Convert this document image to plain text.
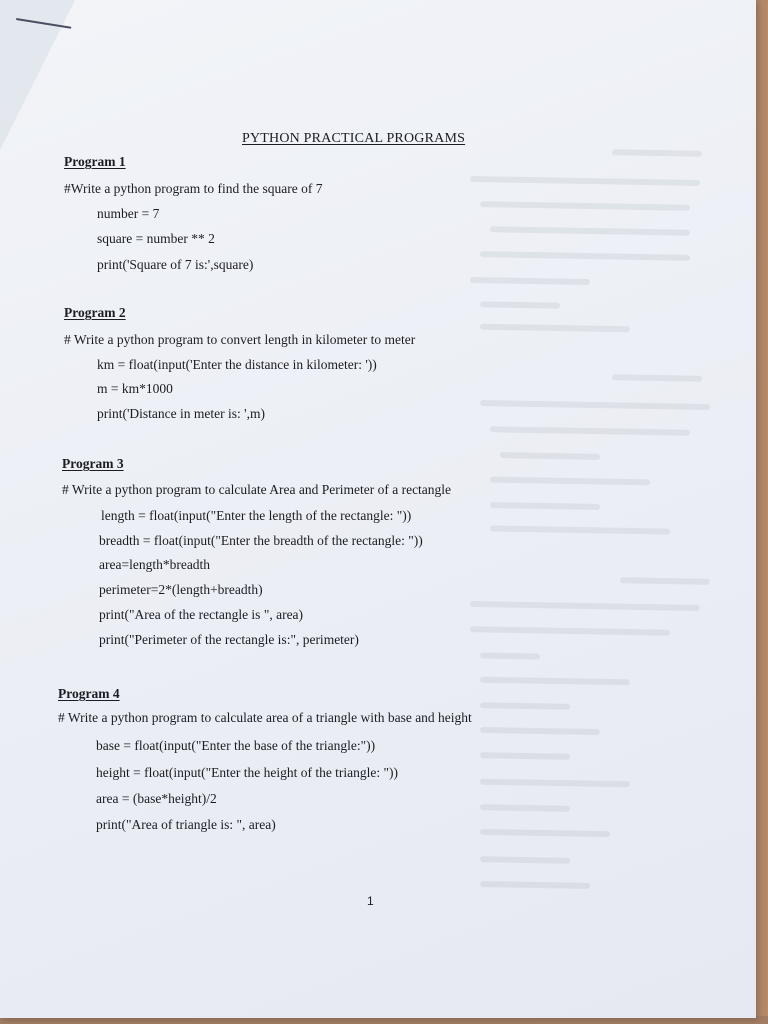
PYTHON PRACTICAL PROGRAMS
Program 1
#Write a python program to find the square of 7
number = 7
square = number ** 2
print('Square of 7 is:',square)
Program 2
# Write a python program to convert length in kilometer to meter
km = float(input('Enter the distance in kilometer: '))
m = km*1000
print('Distance in meter is: ',m)
Program 3
# Write a python program to calculate Area and Perimeter of a rectangle
length = float(input("Enter the length of the rectangle: "))
breadth = float(input("Enter the breadth of the rectangle: "))
area=length*breadth
perimeter=2*(length+breadth)
print("Area of the rectangle is ", area)
print("Perimeter of the rectangle is:", perimeter)
Program 4
# Write a python program to calculate area of a triangle with base and height
base = float(input("Enter the base of the triangle:"))
height = float(input("Enter the height of the triangle: "))
area = (base*height)/2
print("Area of triangle is: ", area)
1
